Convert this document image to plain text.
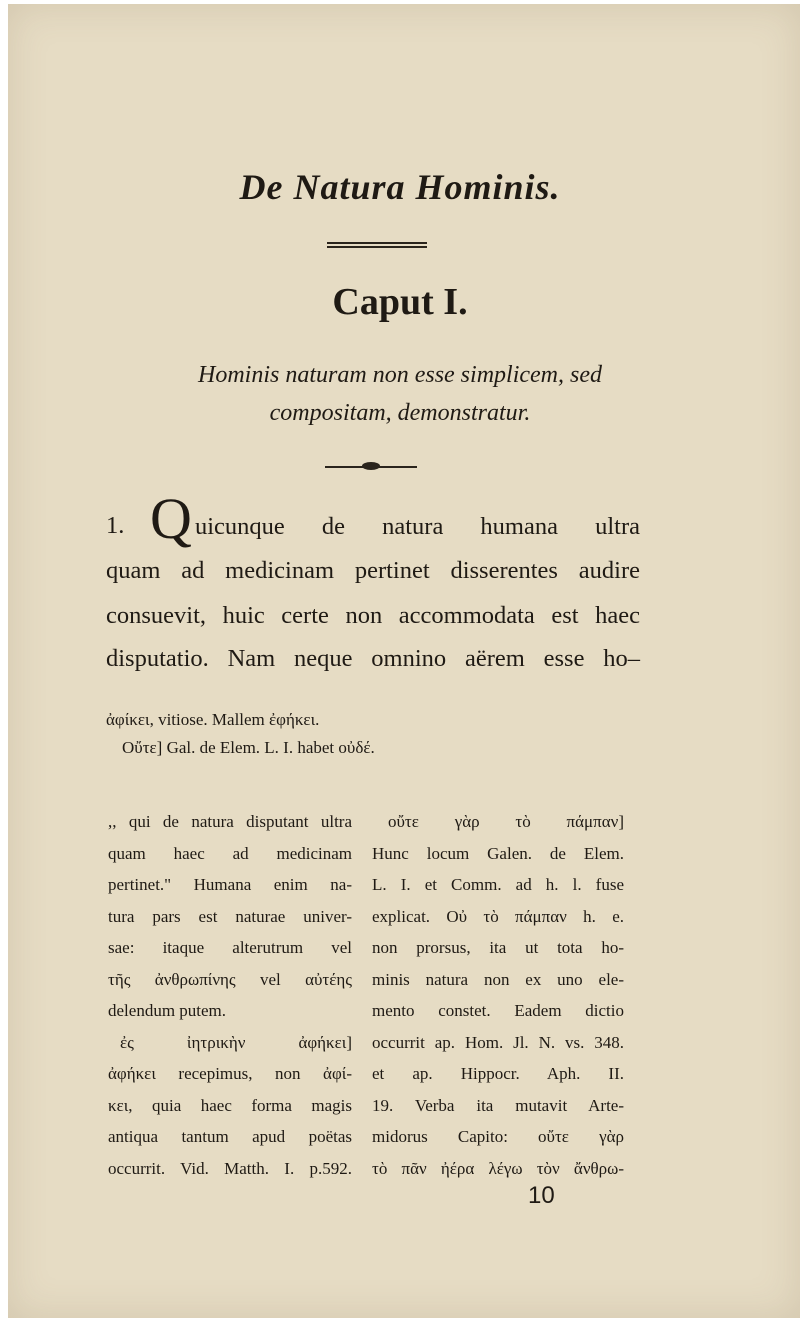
De Natura Hominis.
Caput I.
Hominis naturam non esse simplicem, sed
compositam, demonstratur.
1. Q uicunque de natura humana ultra
quam ad medicinam pertinet disserentes audire
consuevit, huic certe non accommodata est haec
disputatio. Nam neque omnino aërem esse ho–
ἀφίκει, vitiose. Mallem ἐφήκει.
Οὔτε] Gal. de Elem. L. I. habet οὐδέ.
,, qui de natura disputant ultra
quam haec ad medicinam
pertinet." Humana enim na-
tura pars est naturae univer-
sae: itaque alterutrum vel
τῆς ἀνθρωπίνης vel αὐτέης
delendum putem.
ἐς ἰητρικὴν ἀφήκει]
ἀφήκει recepimus, non ἀφί-
κει, quia haec forma magis
antiqua tantum apud poëtas
occurrit. Vid. Matth. I. p.592.
οὔτε γὰρ τὸ πάμπαν]
Hunc locum Galen. de Elem.
L. I. et Comm. ad h. l. fuse
explicat. Οὐ τὸ πάμπαν h. e.
non prorsus, ita ut tota ho-
minis natura non ex uno ele-
mento constet. Eadem dictio
occurrit ap. Hom. Jl. N. vs. 348.
et ap. Hippocr. Aph. II.
19. Verba ita mutavit Arte-
midorus Capito: οὔτε γὰρ
τὸ πᾶν ἠέρα λέγω τὸν ἄνθρω-
10
